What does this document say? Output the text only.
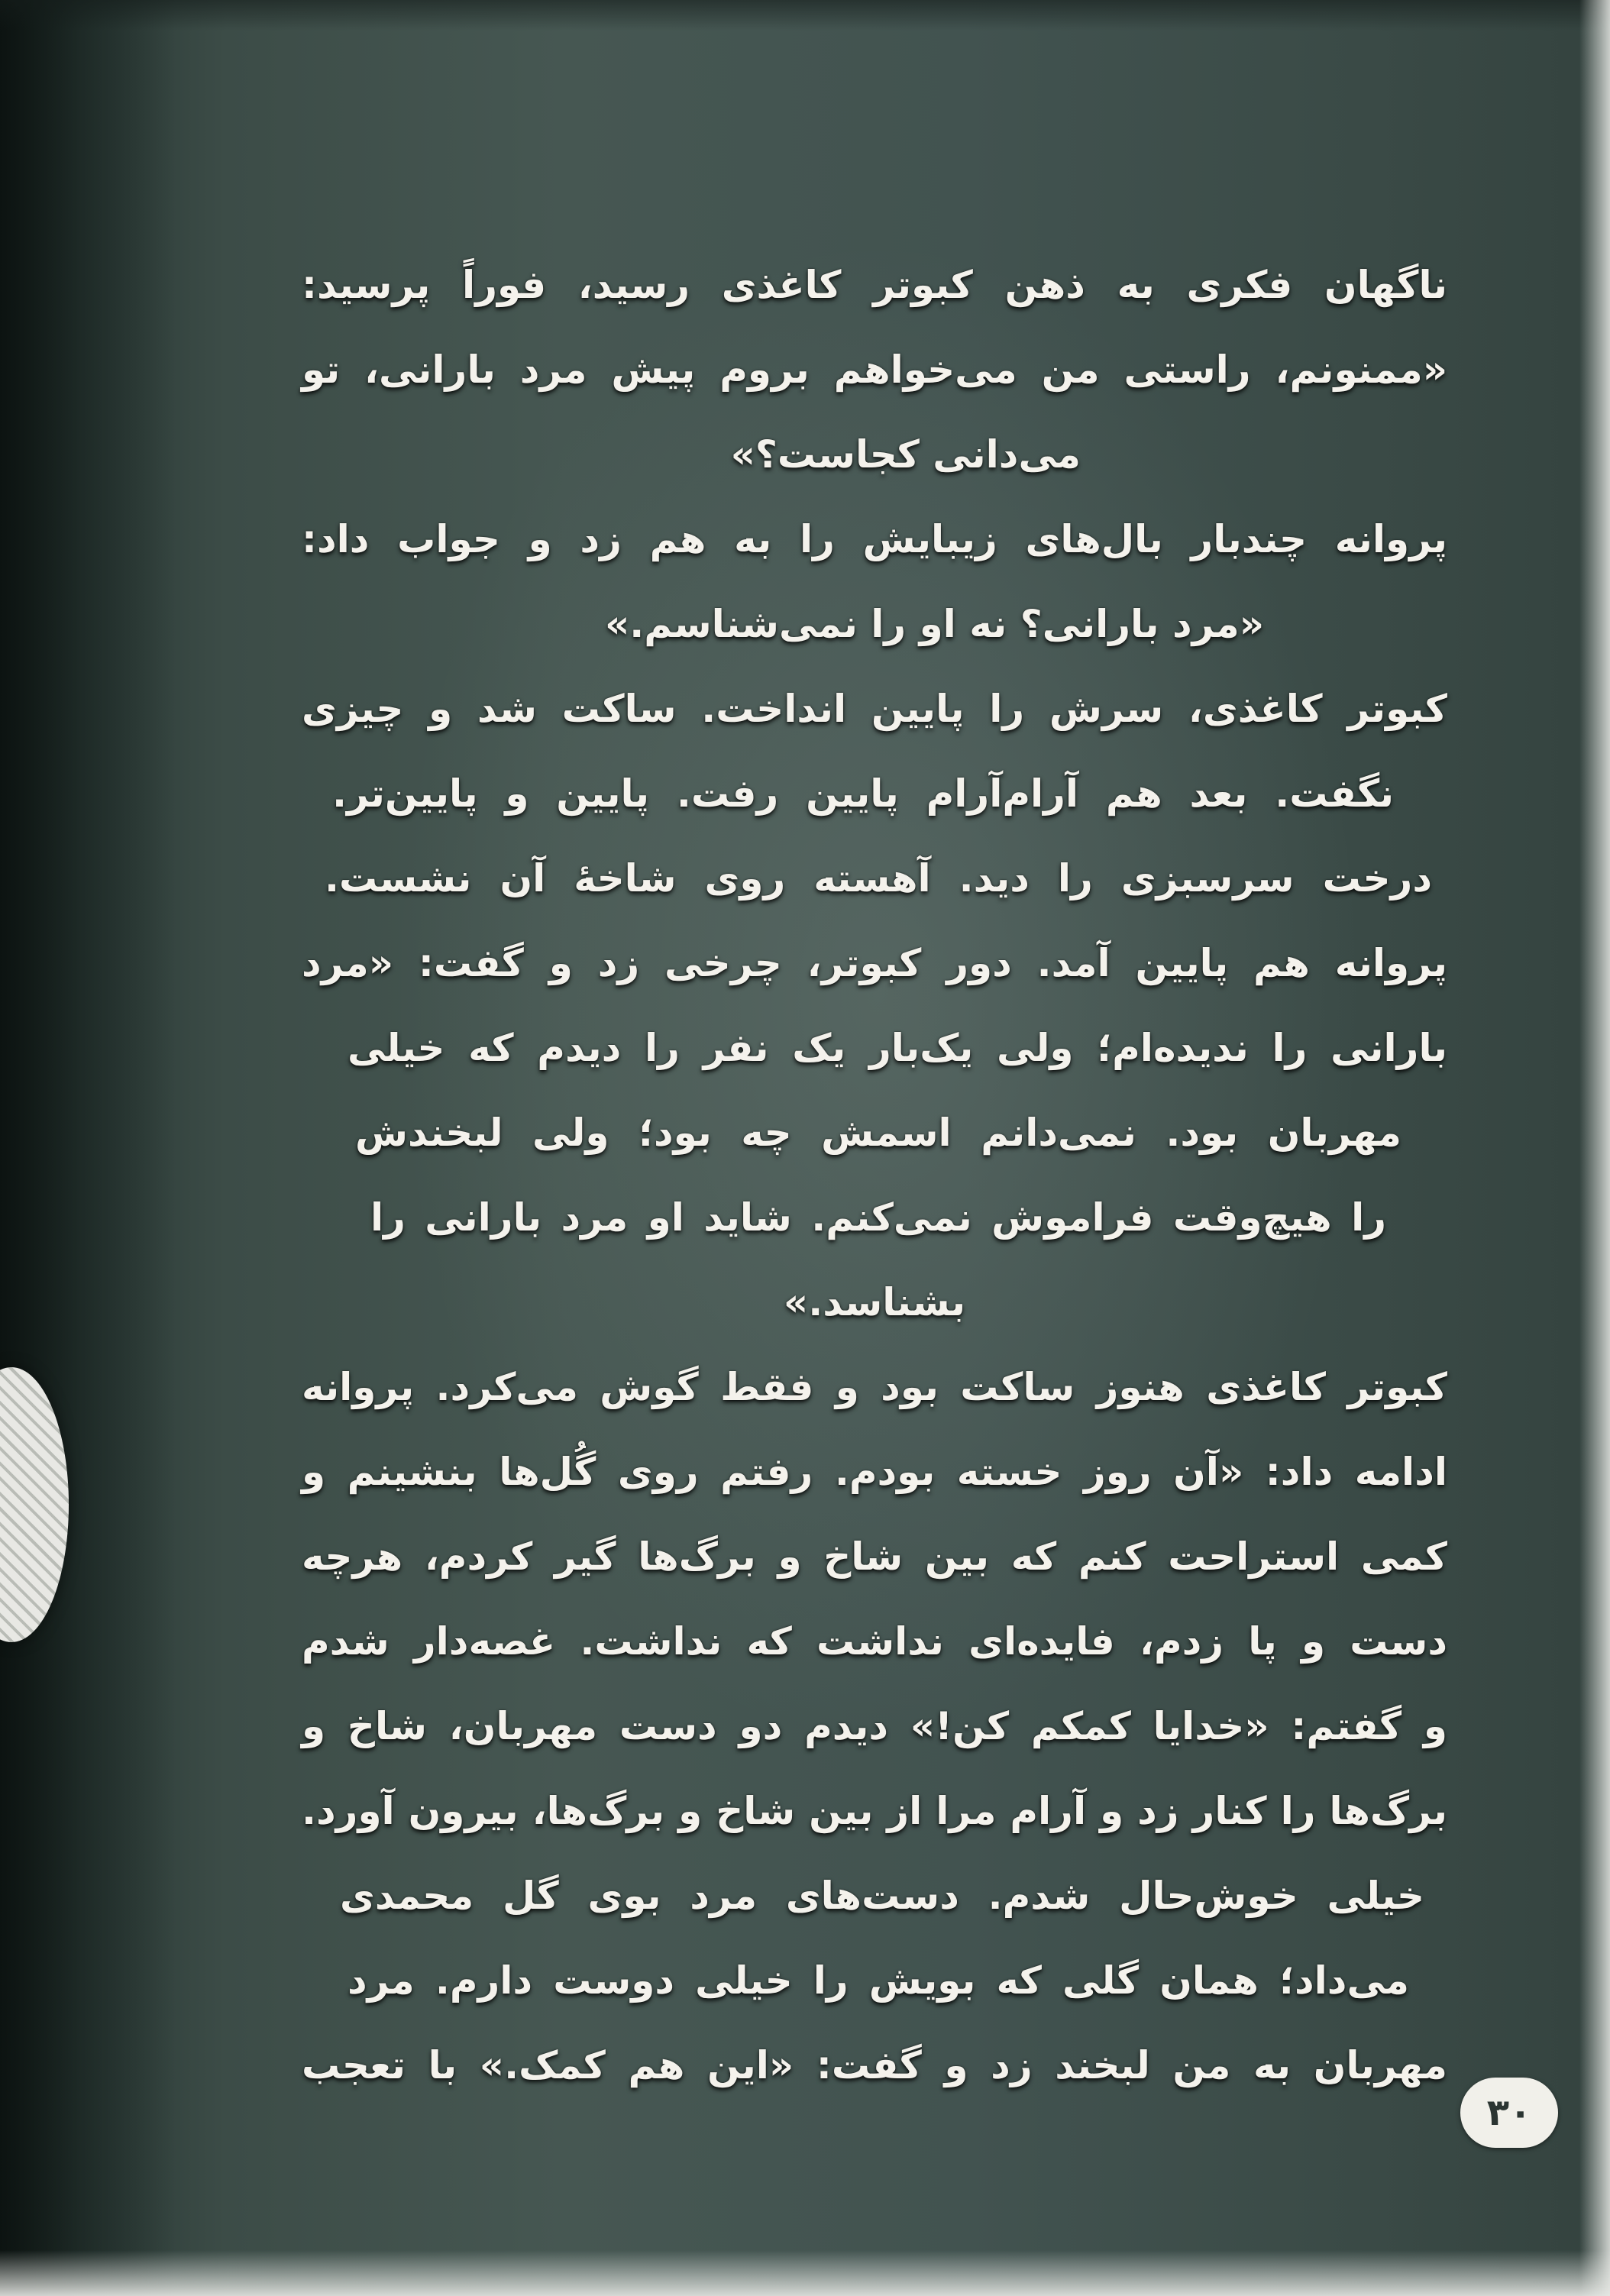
ناگهان فکری به ذهن کبوتر کاغذی رسید، فوراً پرسید:
«ممنونم، راستی من می‌خواهم بروم پیش مرد بارانی، تو
می‌دانی کجاست؟»
پروانه چندبار بال‌های زیبایش را به هم زد و جواب داد:
«مرد بارانی؟ نه او را نمی‌شناسم.»
کبوتر کاغذی، سرش را پایین انداخت. ساکت شد و چیزی
نگفت. بعد هم آرام‌آرام پایین رفت. پایین و پایین‌تر.
درخت سرسبزی را دید. آهسته روی شاخهٔ آن نشست.
پروانه هم پایین آمد. دور کبوتر، چرخی زد و گفت: «مرد
بارانی را ندیده‌ام؛ ولی یک‌بار یک نفر را دیدم که خیلی
مهربان بود. نمی‌دانم اسمش چه بود؛ ولی لبخندش
را هیچ‌وقت فراموش نمی‌کنم. شاید او مرد بارانی را
بشناسد.»
کبوتر کاغذی هنوز ساکت بود و فقط گوش می‌کرد. پروانه
ادامه داد: «آن روز خسته بودم. رفتم روی گُل‌ها بنشینم و
کمی استراحت کنم که بین شاخ و برگ‌ها گیر کردم، هرچه
دست و پا زدم، فایده‌ای نداشت که نداشت. غصه‌دار شدم
و گفتم: «خدایا کمکم کن!» دیدم دو دست مهربان، شاخ و
برگ‌ها را کنار زد و آرام مرا از بین شاخ و برگ‌ها، بیرون آورد.
خیلی خوش‌حال شدم. دست‌های مرد بوی گل محمدی
می‌داد؛ همان گلی که بویش را خیلی دوست دارم. مرد
مهربان به من لبخند زد و گفت: «این هم کمک.» با تعجب
۳۰
